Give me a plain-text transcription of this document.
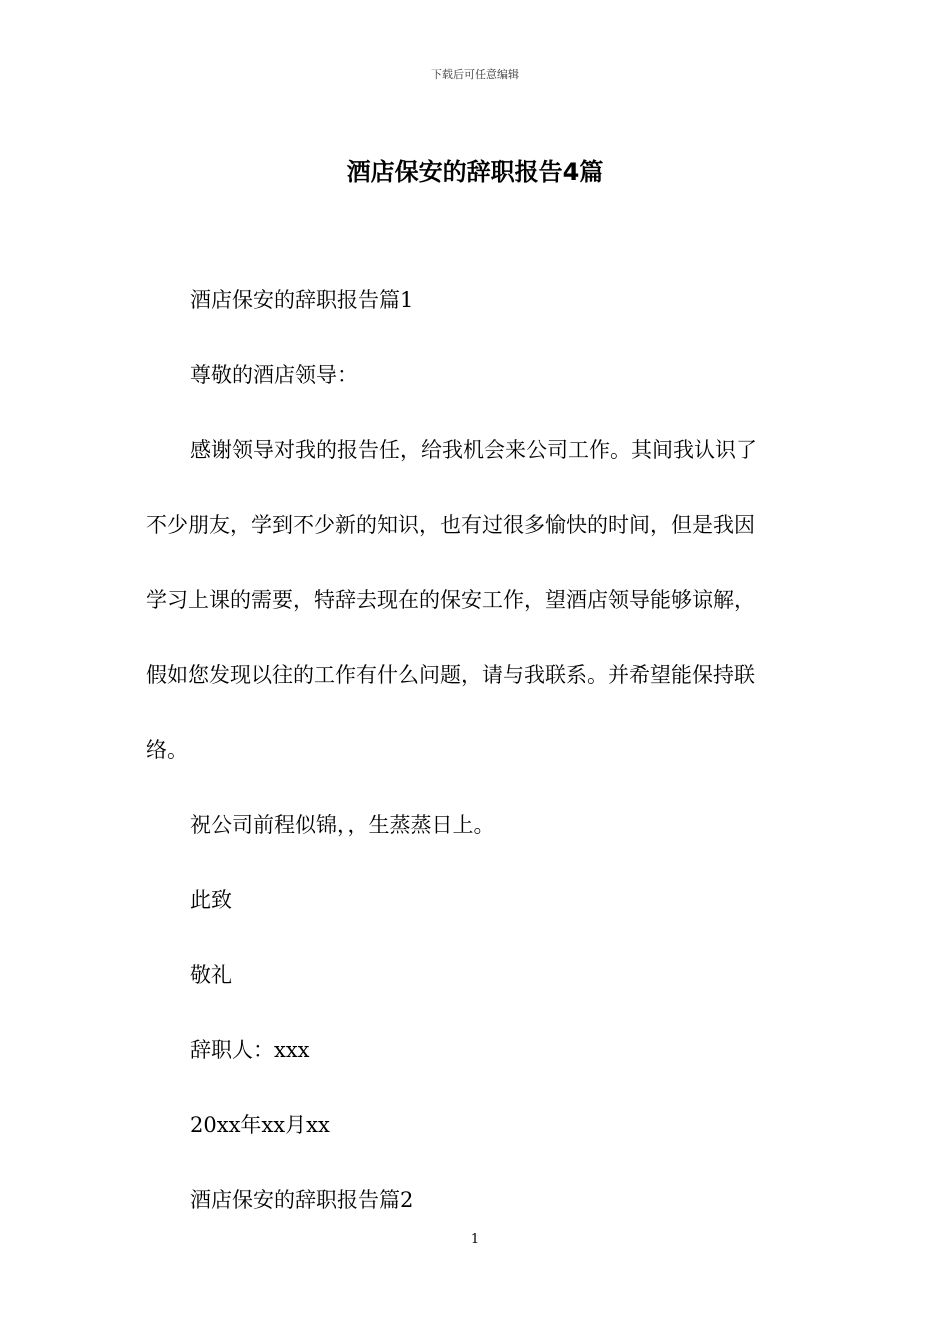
下载后可任意编辑
酒店保安的辞职报告4篇
酒店保安的辞职报告篇1
尊敬的酒店领导：
感谢领导对我的报告任，给我机会来公司工作。其间我认识了
不少朋友，学到不少新的知识，也有过很多愉快的时间，但是我因
学习上课的需要，特辞去现在的保安工作，望酒店领导能够谅解，
假如您发现以往的工作有什么问题，请与我联系。并希望能保持联
络。
祝公司前程似锦，，生蒸蒸日上。
此致
敬礼
辞职人：xxx
20xx年xx月xx
酒店保安的辞职报告篇2
1
